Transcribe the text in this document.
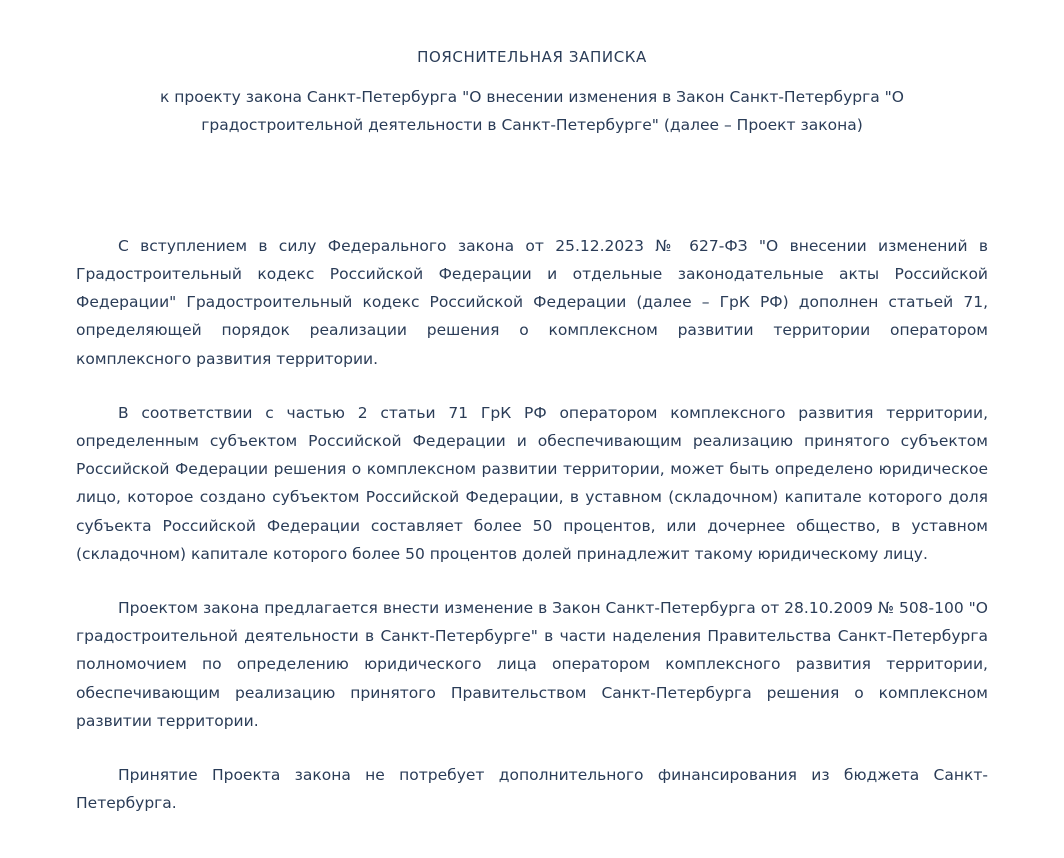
ПОЯСНИТЕЛЬНАЯ ЗАПИСКА
к проекту закона Санкт-Петербурга "О внесении изменения в Закон Санкт-Петербурга "О градостроительной деятельности в Санкт-Петербурге" (далее – Проект закона)

С вступлением в силу Федерального закона от 25.12.2023 № 627-ФЗ "О внесении изменений в Градостроительный кодекс Российской Федерации и отдельные законодательные акты Российской Федерации" Градостроительный кодекс Российской Федерации (далее – ГрК РФ) дополнен статьей 71, определяющей порядок реализации решения о комплексном развитии территории оператором комплексного развития территории.

В соответствии с частью 2 статьи 71 ГрК РФ оператором комплексного развития территории, определенным субъектом Российской Федерации и обеспечивающим реализацию принятого субъектом Российской Федерации решения о комплексном развитии территории, может быть определено юридическое лицо, которое создано субъектом Российской Федерации, в уставном (складочном) капитале которого доля субъекта Российской Федерации составляет более 50 процентов, или дочернее общество, в уставном (складочном) капитале которого более 50 процентов долей принадлежит такому юридическому лицу.

Проектом закона предлагается внести изменение в Закон Санкт-Петербурга от 28.10.2009 № 508-100 "О градостроительной деятельности в Санкт-Петербурге" в части наделения Правительства Санкт-Петербурга полномочием по определению юридического лица оператором комплексного развития территории, обеспечивающим реализацию принятого Правительством Санкт-Петербурга решения о комплексном развитии территории.

Принятие Проекта закона не потребует дополнительного финансирования из бюджета Санкт-Петербурга.
